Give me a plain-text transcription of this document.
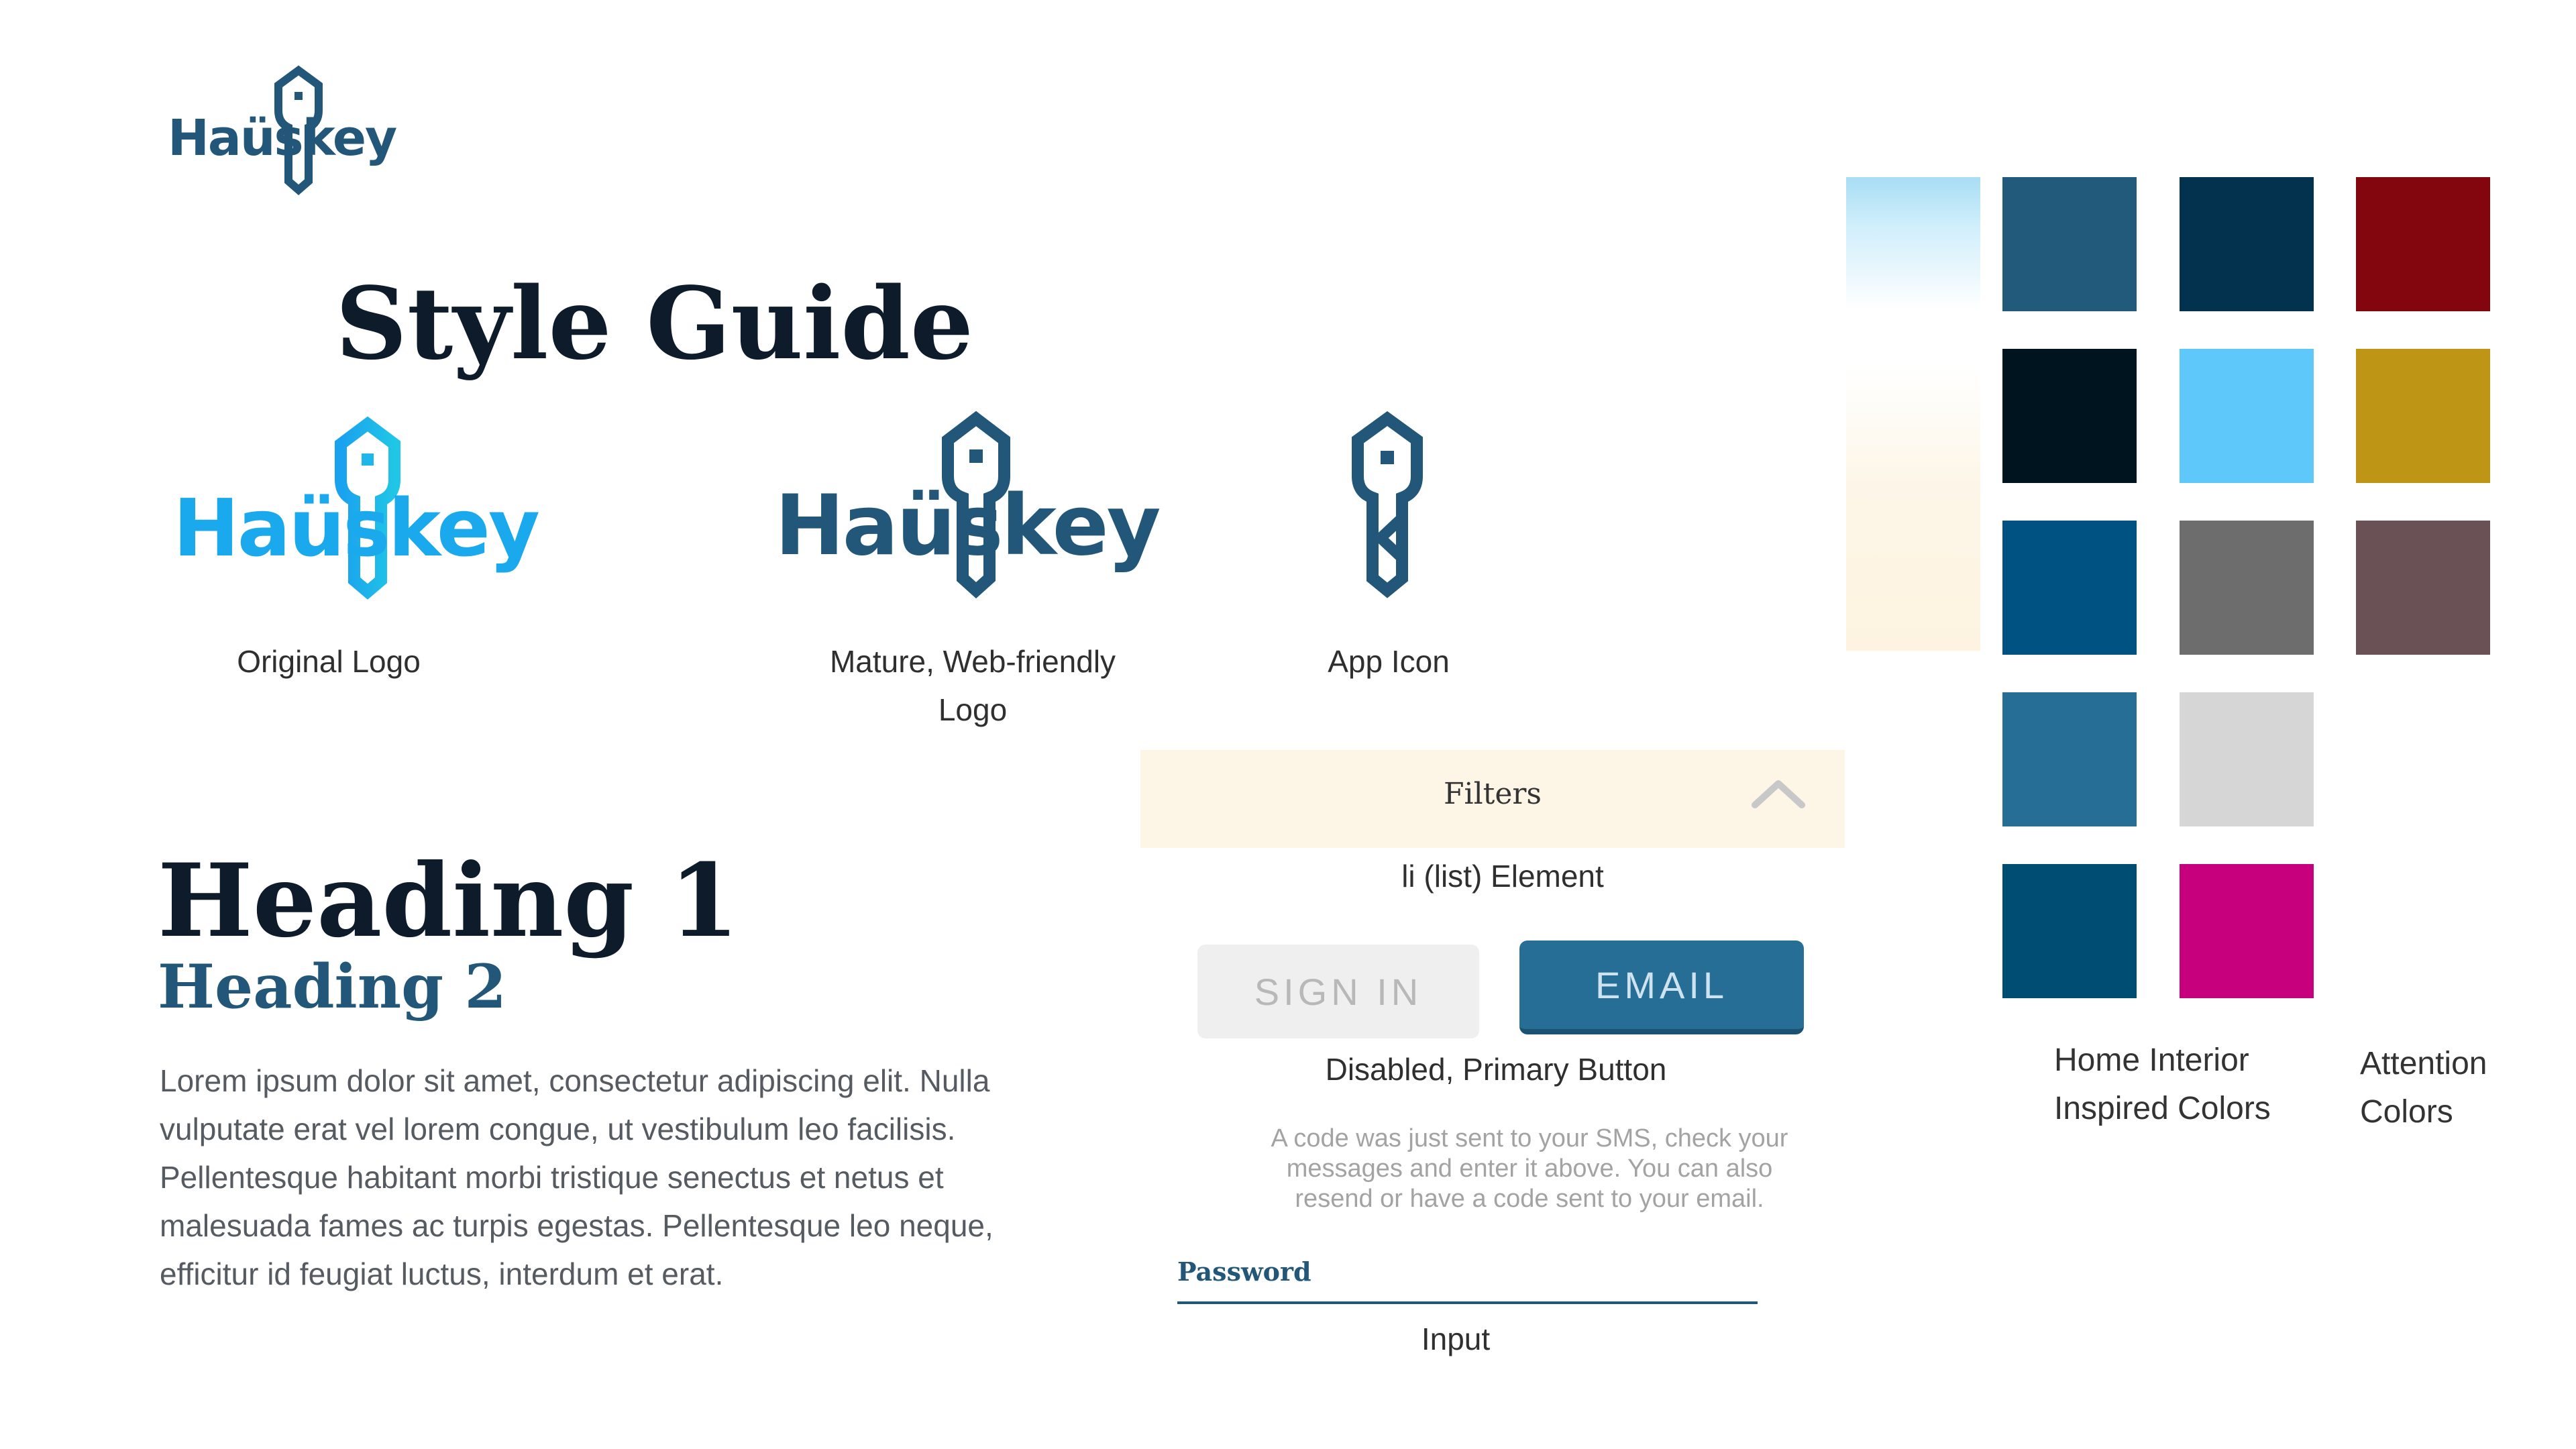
Haüskey
Style Guide
Haüskey
Original Logo
Haüskey
Mature, Web-friendly
Logo
App Icon
Heading 1
Heading 2
Lorem ipsum dolor sit amet, consectetur adipiscing elit. Nulla vulputate erat vel lorem congue, ut vestibulum leo facilisis. Pellentesque habitant morbi tristique senectus et netus et malesuada fames ac turpis egestas. Pellentesque leo neque, efficitur id feugiat luctus, interdum et erat.
Filters
li (list) Element
SIGN IN	EMAIL
Disabled, Primary Button
A code was just sent to your SMS, check your
messages and enter it above. You can also
resend or have a code sent to your email.
Password
Input
Home Interior
Inspired Colors
Attention
Colors
